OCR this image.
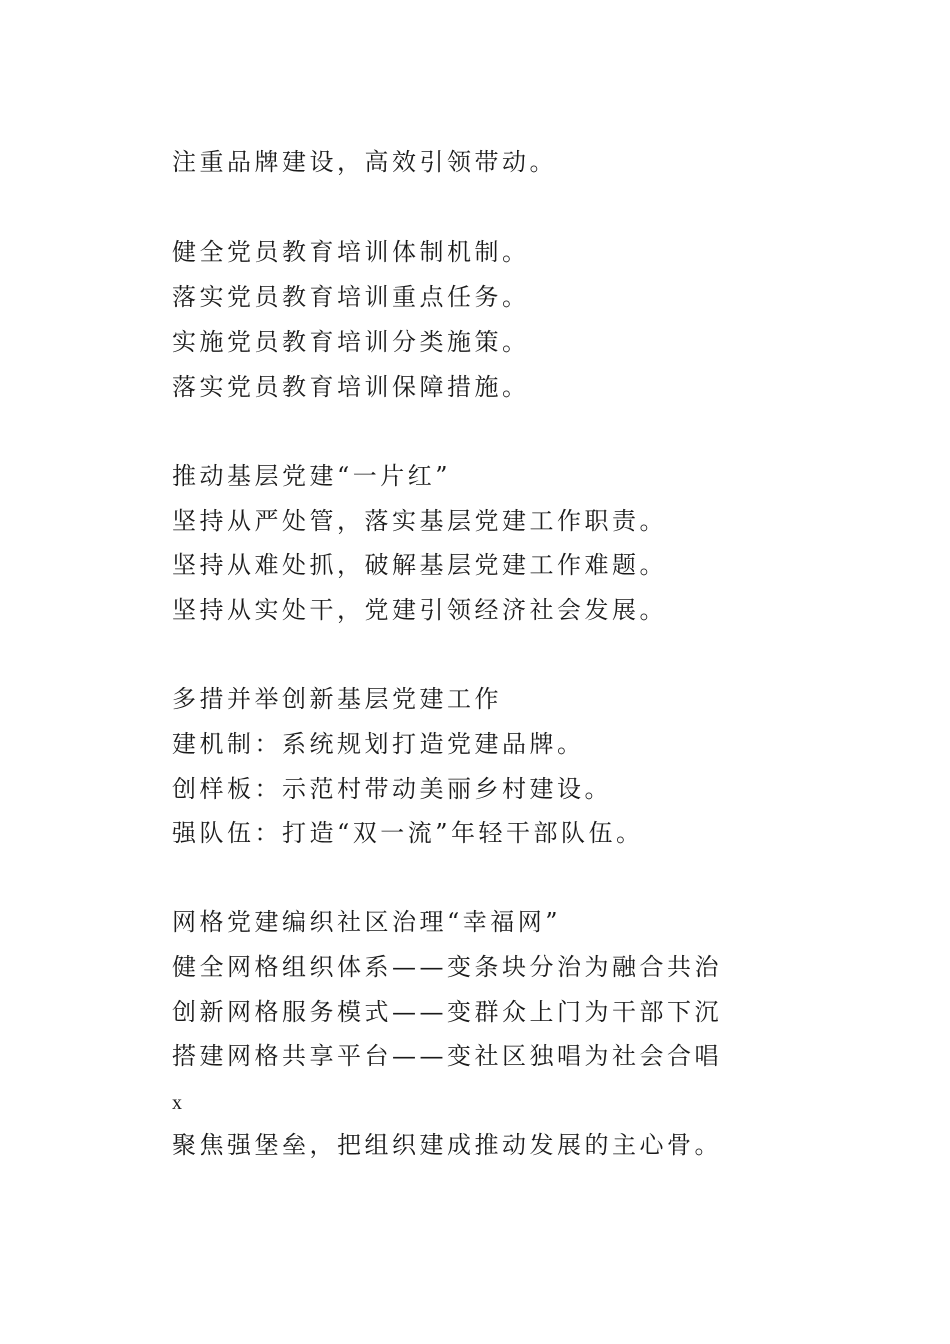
注重品牌建设，高效引领带动。
健全党员教育培训体制机制。
落实党员教育培训重点任务。
实施党员教育培训分类施策。
落实党员教育培训保障措施。
推动基层党建“一片红”
坚持从严处管，落实基层党建工作职责。
坚持从难处抓，破解基层党建工作难题。
坚持从实处干，党建引领经济社会发展。
多措并举创新基层党建工作
建机制：系统规划打造党建品牌。
创样板：示范村带动美丽乡村建设。
强队伍：打造“双一流”年轻干部队伍。
网格党建编织社区治理“幸福网”
健全网格组织体系——变条块分治为融合共治
创新网格服务模式——变群众上门为干部下沉
搭建网格共享平台——变社区独唱为社会合唱
x
聚焦强堡垒，把组织建成推动发展的主心骨。
